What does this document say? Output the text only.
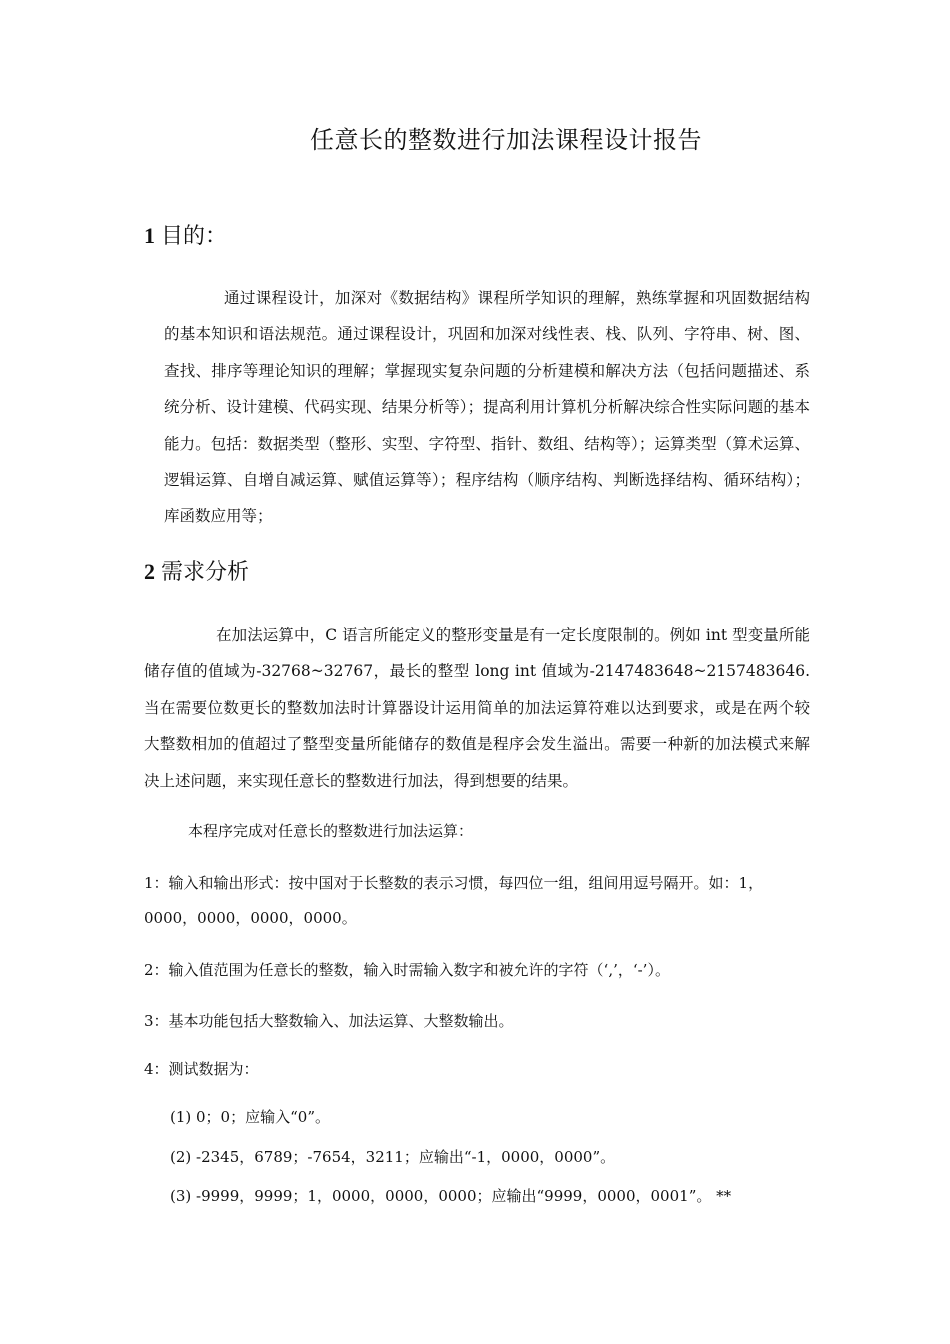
任意长的整数进行加法课程设计报告
1 目的：
通过课程设计，加深对《数据结构》课程所学知识的理解，熟练掌握和巩固数据结构的基本知识和语法规范。通过课程设计，巩固和加深对线性表、栈、队列、字符串、树、图、查找、排序等理论知识的理解；掌握现实复杂问题的分析建模和解决方法（包括问题描述、系统分析、设计建模、代码实现、结果分析等）；提高利用计算机分析解决综合性实际问题的基本能力。包括：数据类型（整形、实型、字符型、指针、数组、结构等）；运算类型（算术运算、逻辑运算、自增自减运算、赋值运算等）；程序结构（顺序结构、判断选择结构、循环结构）；库函数应用等；
2 需求分析
在加法运算中，C 语言所能定义的整形变量是有一定长度限制的。例如 int 型变量所能储存值的值域为-32768~32767，最长的整型 long int 值域为-2147483648~2157483646. 当在需要位数更长的整数加法时计算器设计运用简单的加法运算符难以达到要求，或是在两个较大整数相加的值超过了整型变量所能储存的数值是程序会发生溢出。需要一种新的加法模式来解决上述问题，来实现任意长的整数进行加法，得到想要的结果。
本程序完成对任意长的整数进行加法运算：
1：输入和输出形式：按中国对于长整数的表示习惯，每四位一组，组间用逗号隔开。如：1，
0000，0000，0000，0000。
2：输入值范围为任意长的整数，输入时需输入数字和被允许的字符（‘,’，‘-’）。
3：基本功能包括大整数输入、加法运算、大整数输出。
4：测试数据为：
(1) 0；0；应输入“0”。
(2) -2345，6789；-7654，3211；应输出“-1，0000，0000”。
(3) -9999，9999；1，0000，0000，0000；应输出“9999，0000，0001”。 **
